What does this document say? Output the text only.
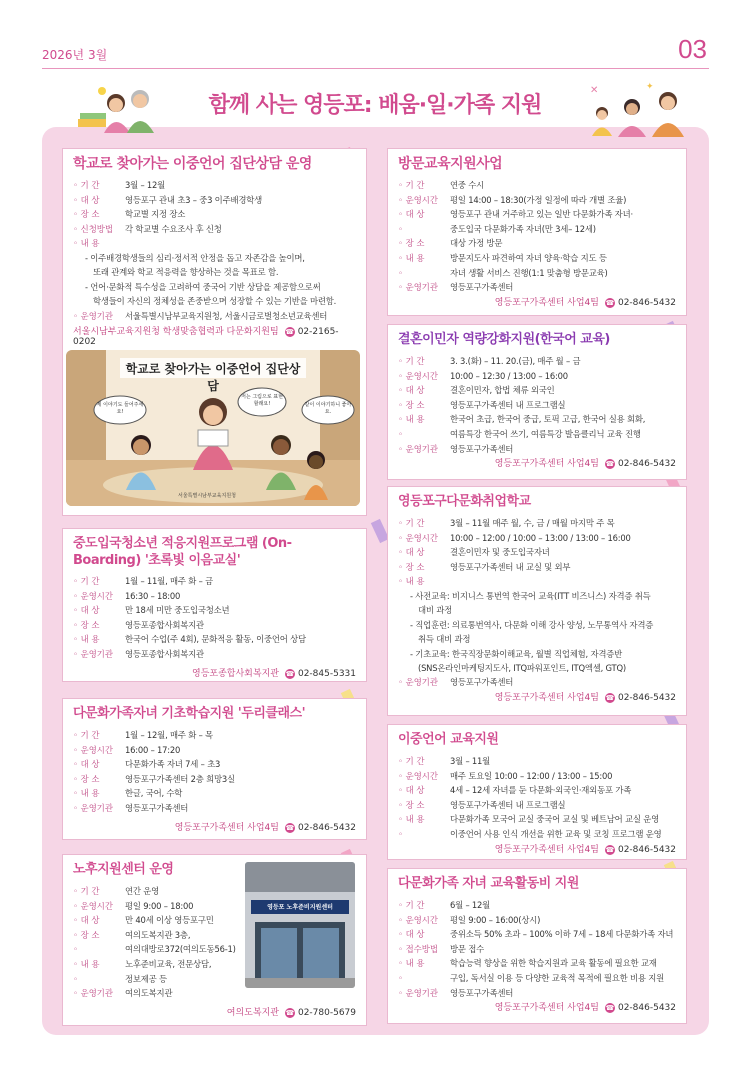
2026년 3월	03
✕	✦
함께 사는 영등포: 배움·일·가족 지원
학교로 찾아가는 이중언어 집단상담 운영
◦ 기 간	3월 – 12월
◦ 대 상	영등포구 관내 초3 – 중3 이주배경학생
◦ 장 소	학교별 지정 장소
◦ 신청방법	각 학교별 수요조사 후 신청
◦ 내 용
- 이주배경학생들의 심리·정서적 안정을 돕고 자존감을 높이며,
또래 관계와 학교 적응력을 향상하는 것을 목표로 함.
- 언어·문화적 특수성을 고려하여 중국어 기반 상담을 제공함으로써
학생들이 자신의 정체성을 존중받으며 성장할 수 있는 기반을 마련함.
◦ 운영기관	서울특별시남부교육지원청, 서울시금로벌청소년교육센터
서울시남부교육지원청 학생맞춤협력과 다문화지원팀 ☎ 02-2165-0202
학교로 찾아가는 이중언어 집단상담
제 이야기도 들어주세요!
저는 그림으로 표현할래요!	같이 이야기하니 좋아요.
서울특별시남부교육지원청
중도입국청소년 적응지원프로그램 (On-Boarding) '초록빛 이음교실'
◦ 기 간	1월 – 11월, 매주 화 – 금
◦ 운영시간	16:30 – 18:00
◦ 대 상	만 18세 미만 중도입국청소년
◦ 장 소	영등포종합사회복지관
◦ 내 용	한국어 수업(주 4회), 문화적응 활동, 이중언어 상담
◦ 운영기관	영등포종합사회복지관
영등포종합사회복지관 ☎ 02-845-5331
다문화가족자녀 기초학습지원 '두리클래스'
◦ 기 간	1월 – 12월, 매주 화 – 목
◦ 운영시간	16:00 – 17:20
◦ 대 상	다문화가족 자녀 7세 – 초3
◦ 장 소	영등포구가족센터 2층 희망3실
◦ 내 용	한글, 국어, 수학
◦ 운영기관	영등포구가족센터
영등포구가족센터 사업4팀 ☎ 02-846-5432
노후지원센터 운영
◦ 기 간	연간 운영
◦ 운영시간	평일 9:00 – 18:00
◦ 대 상	만 40세 이상 영등포구민
◦ 장 소	여의도복지관 3층,
◦
여의대방로372(여의도동56-1)
◦ 내 용	노후준비교육, 전문상담,
◦
정보제공 등
◦ 운영기관	여의도복지관
여의도복지관 ☎ 02-780-5679
영등포 노후준비지원센터
방문교육지원사업
◦ 기 간	연중 수시
◦ 운영시간	평일 14:00 – 18:30(가정 일정에 따라 개별 조율)
◦ 대 상	영등포구 관내 거주하고 있는 일반 다문화가족 자녀·
◦
중도입국 다문화가족 자녀(만 3세– 12세)
◦ 장 소	대상 가정 방문
◦ 내 용	방문지도사 파견하여 자녀 양육·학습 지도 등
◦
자녀 생활 서비스 진행(1:1 맞춤형 방문교육)
◦ 운영기관	영등포구가족센터
영등포구가족센터 사업4팀 ☎ 02-846-5432
결혼이민자 역량강화지원(한국어 교육)
◦ 기 간	3. 3.(화) – 11. 20.(금), 매주 월 – 금
◦ 운영시간	10:00 – 12:30 / 13:00 – 16:00
◦ 대 상	결혼이민자, 합법 체류 외국인
◦ 장 소	영등포구가족센터 내 프로그램실
◦ 내 용	한국어 초급, 한국어 중급, 토픽 고급, 한국어 실용 회화,
◦
여름특강 한국어 쓰기, 여름특강 발음클리닉 교육 진행
◦ 운영기관	영등포구가족센터
영등포구가족센터 사업4팀 ☎ 02-846-5432
영등포구다문화취업학교
◦ 기 간	3월 – 11월 매주 월, 수, 금 / 매월 마지막 주 목
◦ 운영시간	10:00 – 12:00 / 10:00 – 13:00 / 13:00 – 16:00
◦ 대 상	결혼이민자 및 중도입국자녀
◦ 장 소	영등포구가족센터 내 교실 및 외부
◦ 내 용
- 사전교육: 비지니스 통번역 한국어 교육(ITT 비즈니스) 자격증 취득
대비 과정
- 직업훈련: 의료통번역사, 다문화 이해 강사 양성, 노무통역사 자격증
취득 대비 과정
- 기초교육: 한국직장문화이해교육, 월별 직업체험, 자격증반
(SNS온라인마케팅지도사, ITQ파워포인트, ITQ엑셀, GTQ)
◦ 운영기관	영등포구가족센터
영등포구가족센터 사업4팀 ☎ 02-846-5432
이중언어 교육지원
◦ 기 간	3월 – 11월
◦ 운영시간	매주 토요일 10:00 – 12:00 / 13:00 – 15:00
◦ 대 상	4세 – 12세 자녀를 둔 다문화·외국인·재외동포 가족
◦ 장 소	영등포구가족센터 내 프로그램실
◦ 내 용	다문화가족 모국어 교실 중국어 교실 및 베트남어 교실 운영
◦
이중언어 사용 인식 개선을 위한 교육 및 코칭 프로그램 운영
영등포구가족센터 사업4팀 ☎ 02-846-5432
다문화가족 자녀 교육활동비 지원
◦ 기 간	6월 – 12월
◦ 운영시간	평일 9:00 – 16:00(상시)
◦ 대 상	중위소득 50% 초과 – 100% 이하 7세 – 18세 다문화가족 자녀
◦ 접수방법	방문 접수
◦ 내 용	학습능력 향상을 위한 학습지원과 교육 활동에 필요한 교재
◦
구입, 독서실 이용 등 다양한 교육적 목적에 필요한 비용 지원
◦ 운영기관	영등포구가족센터
영등포구가족센터 사업4팀 ☎ 02-846-5432
